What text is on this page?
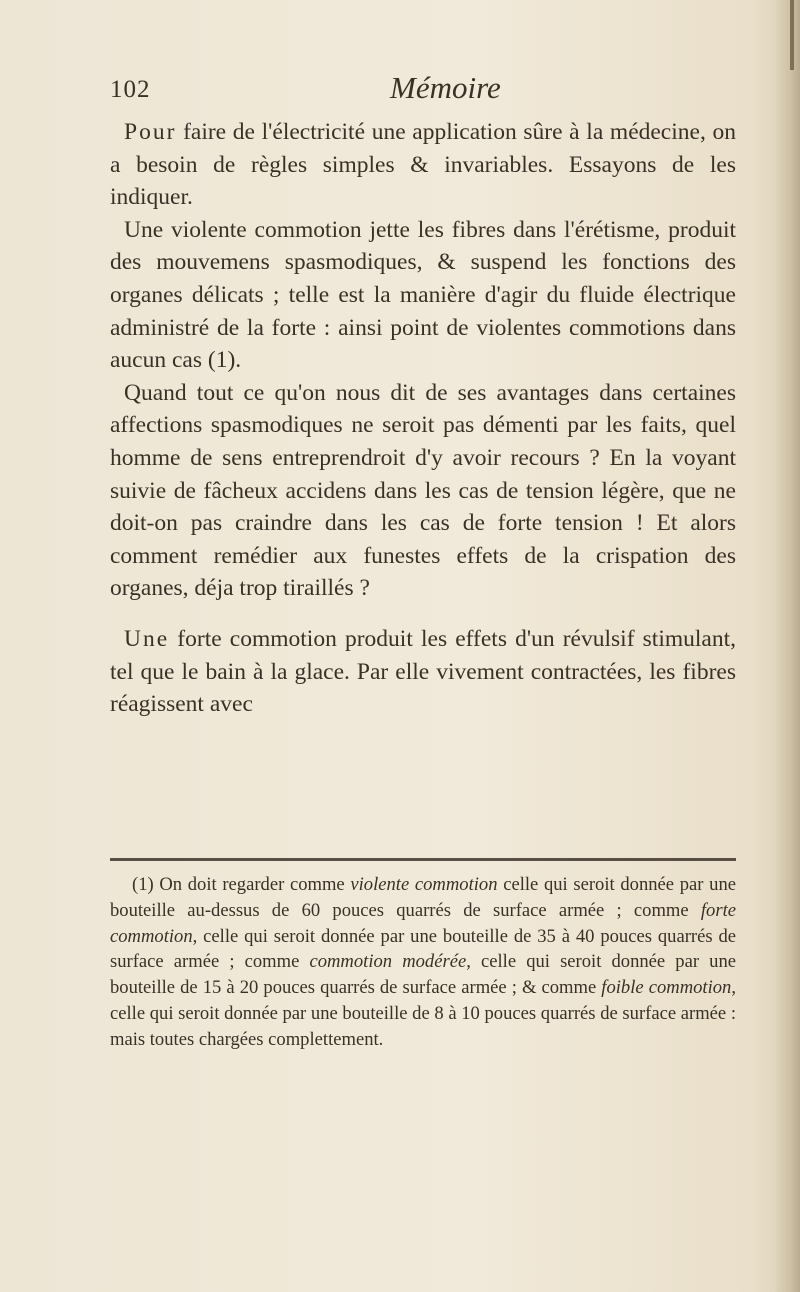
102	Mémoire

Pour faire de l'électricité une application sûre à la médecine, on a besoin de règles simples & invariables. Essayons de les indiquer.

Une violente commotion jette les fibres dans l'érétisme, produit des mouvemens spasmodiques, & suspend les fonctions des organes délicats ; telle est la manière d'agir du fluide électrique administré de la forte : ainsi point de violentes commotions dans aucun cas (1).

Quand tout ce qu'on nous dit de ses avantages dans certaines affections spasmodiques ne seroit pas démenti par les faits, quel homme de sens entreprendroit d'y avoir recours ? En la voyant suivie de fâcheux accidens dans les cas de tension légère, que ne doit-on pas craindre dans les cas de forte tension ! Et alors comment remédier aux funestes effets de la crispation des organes, déja trop tiraillés ?

Une forte commotion produit les effets d'un révulsif stimulant, tel que le bain à la glace. Par elle vivement contractées, les fibres réagissent avec

(1) On doit regarder comme violente commotion celle qui seroit donnée par une bouteille au-dessus de 60 pouces quarrés de surface armée ; comme forte commotion, celle qui seroit donnée par une bouteille de 35 à 40 pouces quarrés de surface armée ; comme commotion modérée, celle qui seroit donnée par une bouteille de 15 à 20 pouces quarrés de surface armée ; & comme foible commotion, celle qui seroit donnée par une bouteille de 8 à 10 pouces quarrés de surface armée : mais toutes chargées complettement.
